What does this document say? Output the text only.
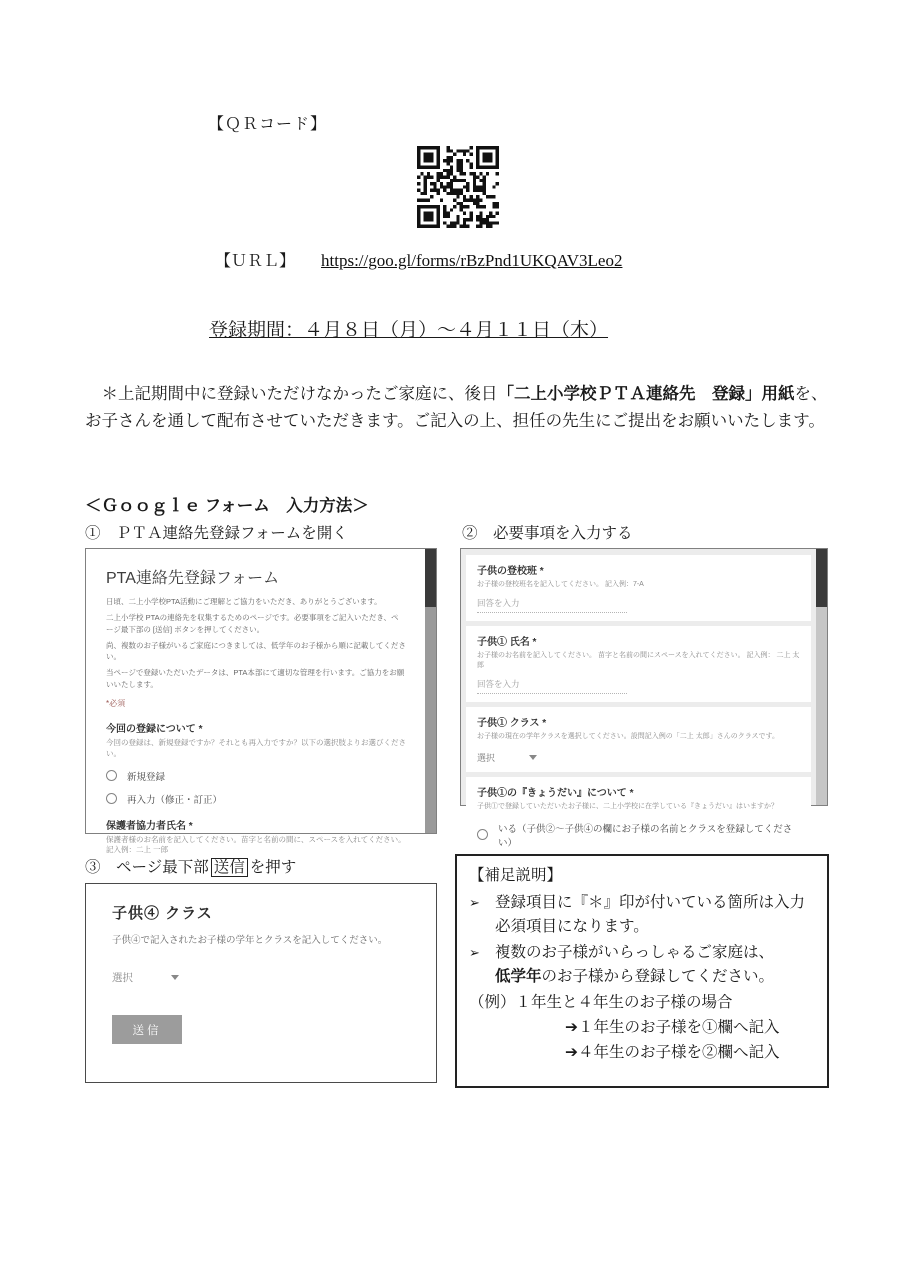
【ＱＲコード】
【ＵＲＬ】 https://goo.gl/forms/rBzPnd1UKQAV3Leo2
登録期間：４月８日（月）～４月１１日（木）

＊上記期間中に登録いただけなかったご家庭に、後日「二上小学校ＰＴＡ連絡先　登録」用紙を、お子さんを通して配布させていただきます。ご記入の上、担任の先生にご提出をお願いいたします。

＜Ｇｏｏｇｌｅ フォーム　入力方法＞
①　ＰＴＡ連絡先登録フォームを開く	②　必要事項を入力する
PTA連絡先登録フォーム
日頃、二上小学校PTA活動にご理解とご協力をいただき、ありがとうございます。
二上小学校 PTAの連絡先を収集するためのページです。必要事項をご記入いただき、ページ最下部の [送信] ボタンを押してください。
尚、複数のお子様がいるご家庭につきましては、低学年のお子様から順に記載してください。
当ページで登録いただいたデータは、PTA本部にて適切な管理を行います。ご協力をお願いいたします。
*必須
今回の登録について *
今回の登録は、新規登録ですか？それとも再入力ですか？以下の選択肢よりお選びください。
新規登録
再入力（修正・訂正）
保護者協力者氏名 *
保護者様のお名前を記入してください。苗字と名前の間に、スペースを入れてください。記入例：二上 一郎
子供の登校班 *
お子様の登校班名を記入してください。 記入例：7-A
回答を入力
子供① 氏名 *
お子様のお名前を記入してください。 苗字と名前の間にスペースを入れてください。 記入例： 二上 太郎
回答を入力
子供① クラス *
お子様の現在の学年クラスを選択してください。設問記入例の「二上 太郎」さんのクラスです。
選択
子供①の『きょうだい』について *
子供①で登録していただいたお子様に、二上小学校に在学している『きょうだい』はいますか？
いる（子供②～子供④の欄にお子様の名前とクラスを登録してください）
③　ページ最下部 送信 を押す
子供④ クラス
子供④で記入されたお子様の学年とクラスを記入してください。
選択
送信
【補足説明】
➢ 登録項目に『＊』印が付いている箇所は入力必須項目になります。
➢ 複数のお子様がいらっしゃるご家庭は、
低学年のお子様から登録してください。
（例）１年生と４年生のお子様の場合
➔１年生のお子様を①欄へ記入
➔４年生のお子様を②欄へ記入
